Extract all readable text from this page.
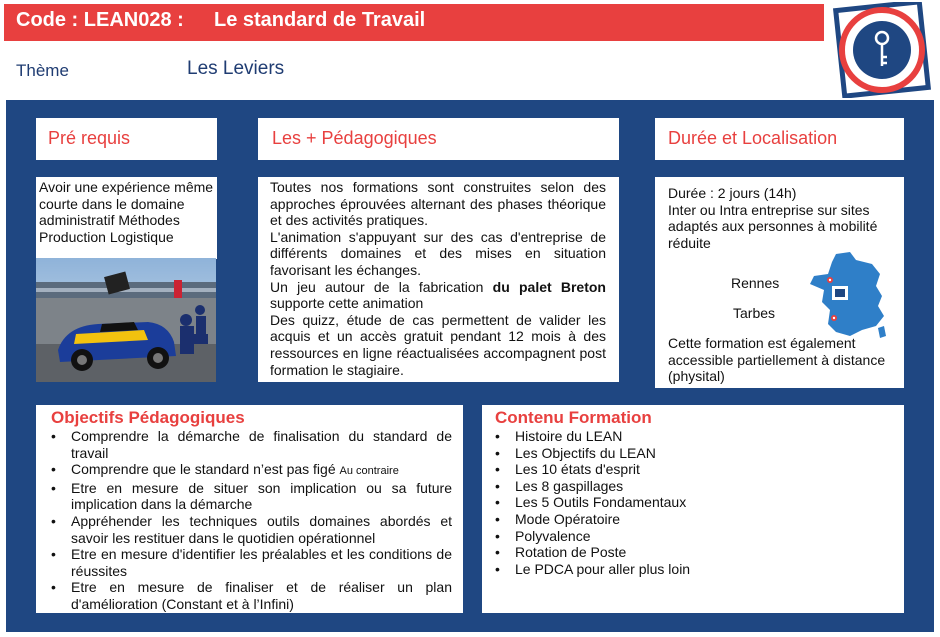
Code : LEAN028 : Le standard de Travail
Thème	Les Leviers
Pré requis	Les + Pédagogiques	Durée et Localisation
Avoir une expérience même courte dans le domaine administratif Méthodes Production Logistique
Toutes nos formations sont construites selon des approches éprouvées alternant des phases théorique et des activités pratiques.
L'animation s'appuyant sur des cas d'entreprise de différents domaines et des mises en situation favorisant les échanges.
Un jeu autour de la fabrication du palet Breton supporte cette animation
Des quizz, étude de cas permettent de valider les acquis et un accès gratuit pendant 12 mois à des ressources en ligne réactualisées accompagnent post formation le stagiaire.
Durée : 2 jours (14h)
Inter ou Intra entreprise sur sites adaptés aux personnes à mobilité réduite
Rennes
Tarbes
Cette formation est également accessible partiellement à distance (physital)
Objectifs Pédagogiques
• Comprendre la démarche de finalisation du standard de travail
• Comprendre que le standard n’est pas figé Au contraire
• Etre en mesure de situer son implication ou sa future implication dans la démarche
• Appréhender les techniques outils domaines abordés et savoir les restituer dans le quotidien opérationnel
• Etre en mesure d'identifier les préalables et les conditions de réussites
• Etre en mesure de finaliser et de réaliser un plan d'amélioration (Constant et à l’Infini)
Contenu Formation
• Histoire du LEAN
• Les Objectifs du LEAN
• Les 10 états d'esprit
• Les 8 gaspillages
• Les 5 Outils Fondamentaux
• Mode Opératoire
• Polyvalence
• Rotation de Poste
• Le PDCA pour aller plus loin
